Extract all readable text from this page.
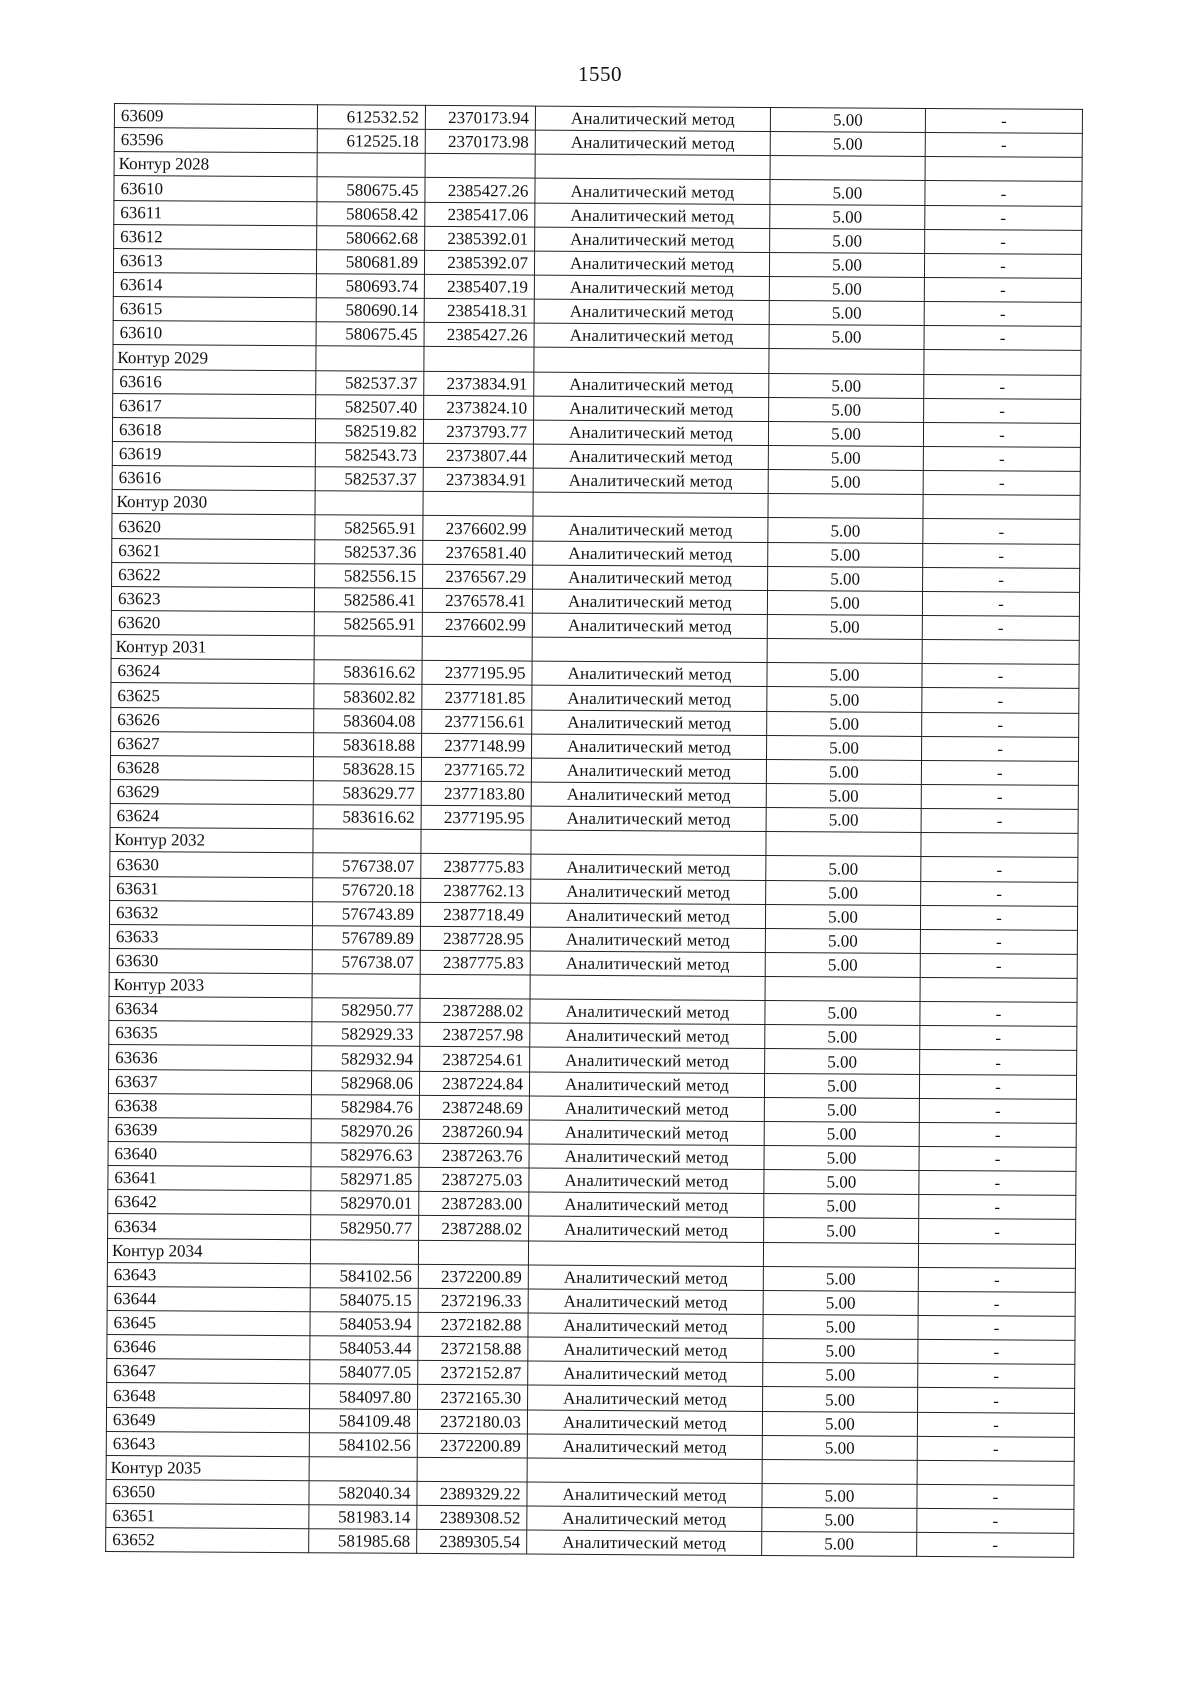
1550
63609	612532.52	2370173.94	Аналитический метод	5.00	-
63596	612525.18	2370173.98	Аналитический метод	5.00	-
Контур 2028					
63610	580675.45	2385427.26	Аналитический метод	5.00	-
63611	580658.42	2385417.06	Аналитический метод	5.00	-
63612	580662.68	2385392.01	Аналитический метод	5.00	-
63613	580681.89	2385392.07	Аналитический метод	5.00	-
63614	580693.74	2385407.19	Аналитический метод	5.00	-
63615	580690.14	2385418.31	Аналитический метод	5.00	-
63610	580675.45	2385427.26	Аналитический метод	5.00	-
Контур 2029					
63616	582537.37	2373834.91	Аналитический метод	5.00	-
63617	582507.40	2373824.10	Аналитический метод	5.00	-
63618	582519.82	2373793.77	Аналитический метод	5.00	-
63619	582543.73	2373807.44	Аналитический метод	5.00	-
63616	582537.37	2373834.91	Аналитический метод	5.00	-
Контур 2030					
63620	582565.91	2376602.99	Аналитический метод	5.00	-
63621	582537.36	2376581.40	Аналитический метод	5.00	-
63622	582556.15	2376567.29	Аналитический метод	5.00	-
63623	582586.41	2376578.41	Аналитический метод	5.00	-
63620	582565.91	2376602.99	Аналитический метод	5.00	-
Контур 2031					
63624	583616.62	2377195.95	Аналитический метод	5.00	-
63625	583602.82	2377181.85	Аналитический метод	5.00	-
63626	583604.08	2377156.61	Аналитический метод	5.00	-
63627	583618.88	2377148.99	Аналитический метод	5.00	-
63628	583628.15	2377165.72	Аналитический метод	5.00	-
63629	583629.77	2377183.80	Аналитический метод	5.00	-
63624	583616.62	2377195.95	Аналитический метод	5.00	-
Контур 2032					
63630	576738.07	2387775.83	Аналитический метод	5.00	-
63631	576720.18	2387762.13	Аналитический метод	5.00	-
63632	576743.89	2387718.49	Аналитический метод	5.00	-
63633	576789.89	2387728.95	Аналитический метод	5.00	-
63630	576738.07	2387775.83	Аналитический метод	5.00	-
Контур 2033					
63634	582950.77	2387288.02	Аналитический метод	5.00	-
63635	582929.33	2387257.98	Аналитический метод	5.00	-
63636	582932.94	2387254.61	Аналитический метод	5.00	-
63637	582968.06	2387224.84	Аналитический метод	5.00	-
63638	582984.76	2387248.69	Аналитический метод	5.00	-
63639	582970.26	2387260.94	Аналитический метод	5.00	-
63640	582976.63	2387263.76	Аналитический метод	5.00	-
63641	582971.85	2387275.03	Аналитический метод	5.00	-
63642	582970.01	2387283.00	Аналитический метод	5.00	-
63634	582950.77	2387288.02	Аналитический метод	5.00	-
Контур 2034					
63643	584102.56	2372200.89	Аналитический метод	5.00	-
63644	584075.15	2372196.33	Аналитический метод	5.00	-
63645	584053.94	2372182.88	Аналитический метод	5.00	-
63646	584053.44	2372158.88	Аналитический метод	5.00	-
63647	584077.05	2372152.87	Аналитический метод	5.00	-
63648	584097.80	2372165.30	Аналитический метод	5.00	-
63649	584109.48	2372180.03	Аналитический метод	5.00	-
63643	584102.56	2372200.89	Аналитический метод	5.00	-
Контур 2035					
63650	582040.34	2389329.22	Аналитический метод	5.00	-
63651	581983.14	2389308.52	Аналитический метод	5.00	-
63652	581985.68	2389305.54	Аналитический метод	5.00	-
